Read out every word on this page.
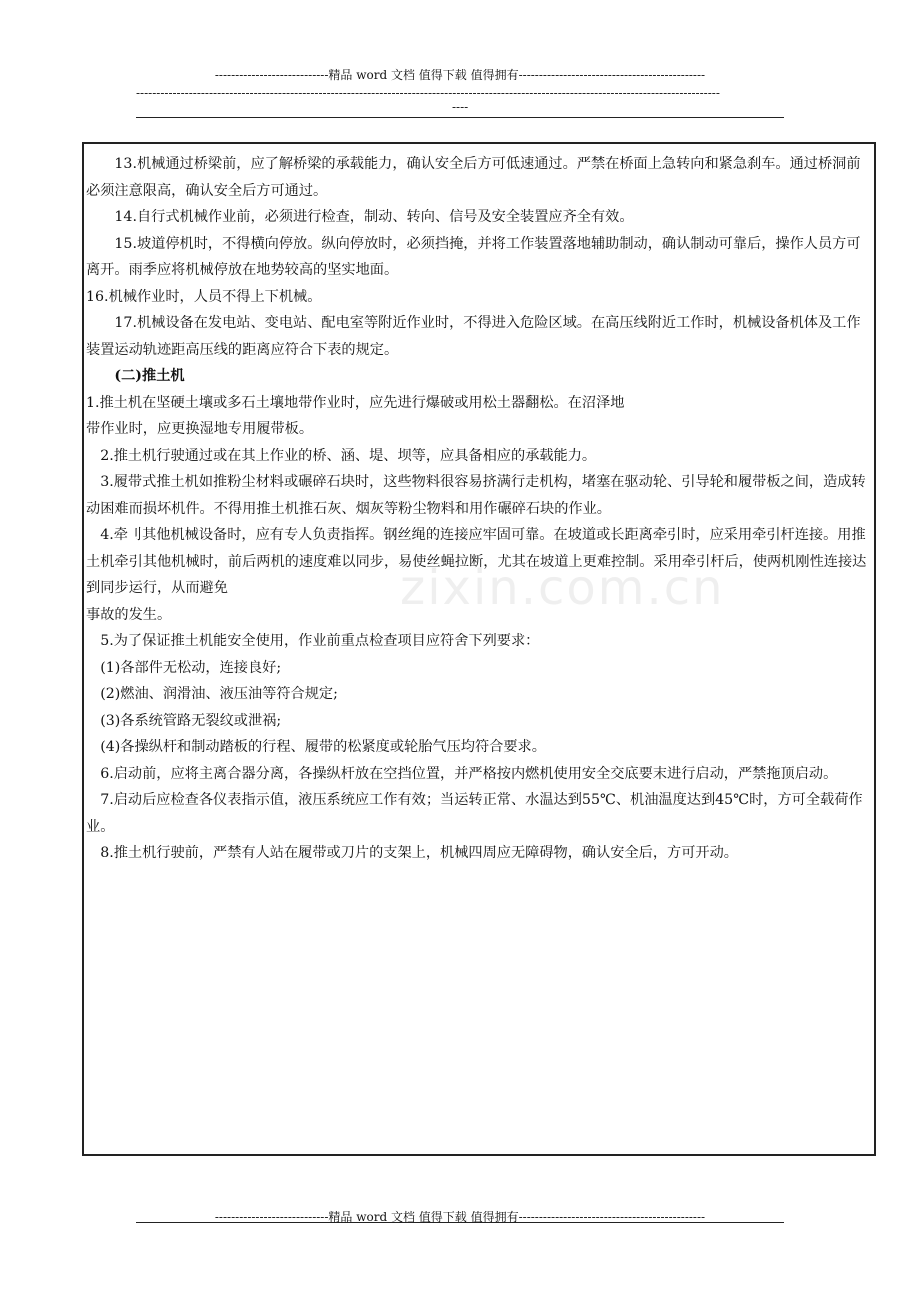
----------------------------精品 word 文档 值得下载 值得拥有----------------------------------------------
------------------------------------------------------------------------------------------------------------------------------------------------
----

13.机械通过桥梁前，应了解桥梁的承载能力，确认安全后方可低速通过。严禁在桥面上急转向和紧急刹车。通过桥洞前必须注意限高，确认安全后方可通过。

14.自行式机械作业前，必须进行检查，制动、转向、信号及安全装置应齐全有效。

15.坡道停机时，不得横向停放。纵向停放时，必须挡掩，并将工作装置落地辅助制动，确认制动可靠后，操作人员方可离开。雨季应将机械停放在地势较高的坚实地面。

16.机械作业时，人员不得上下机械。

17.机械设备在发电站、变电站、配电室等附近作业时，不得进入危险区域。在高压线附近工作时，机械设备机体及工作装置运动轨迹距高压线的距离应符合下表的规定。

(二)推土机

1.推土机在坚硬土壤或多石土壤地带作业时，应先进行爆破或用松土器翻松。在沼泽地

带作业时，应更换湿地专用履带板。

2.推土机行驶通过或在其上作业的桥、涵、堤、坝等，应具备相应的承载能力。

3.履带式推土机如推粉尘材料或碾碎石块时，这些物料很容易挤满行走机构，堵塞在驱动轮、引导轮和履带板之间，造成转动困难而损坏机件。不得用推土机推石灰、烟灰等粉尘物料和用作碾碎石块的作业。

4.牵刂其他机械设备时，应有专人负责指挥。钢丝绳的连接应牢固可靠。在坡道或长距离牵引时，应采用牵引杆连接。用推土机牵引其他机械时，前后两机的速度难以同步，易使丝蝇拉断，尤其在坡道上更难控制。采用牵引杆后，使两机刚性连接达到同步运行，从而避免

事故的发生。

5.为了保证推土机能安全使用，作业前重点检查项目应符舍下列要求：

(1)各部件无松动，连接良好;

(2)燃油、润滑油、液压油等符合规定;

(3)各系统管路无裂纹或泄祸;

(4)各操纵杆和制动踏板的行程、履带的松紧度或轮胎气压均符合要求。

6.启动前，应将主离合器分离，各操纵杆放在空挡位置，并严格按内燃机使用安全交底要末进行启动，严禁拖顶启动。

7.启动后应检查各仪表指示值，液压系统应工作有效；当运转正常、水温达到55℃、机油温度达到45℃时，方可全载荷作业。

8.推土机行驶前，严禁有人站在履带或刀片的支架上，机械四周应无障碍物，确认安全后，方可开动。

zixin.com.cn
----------------------------精品 word 文档 值得下载 值得拥有----------------------------------------------
